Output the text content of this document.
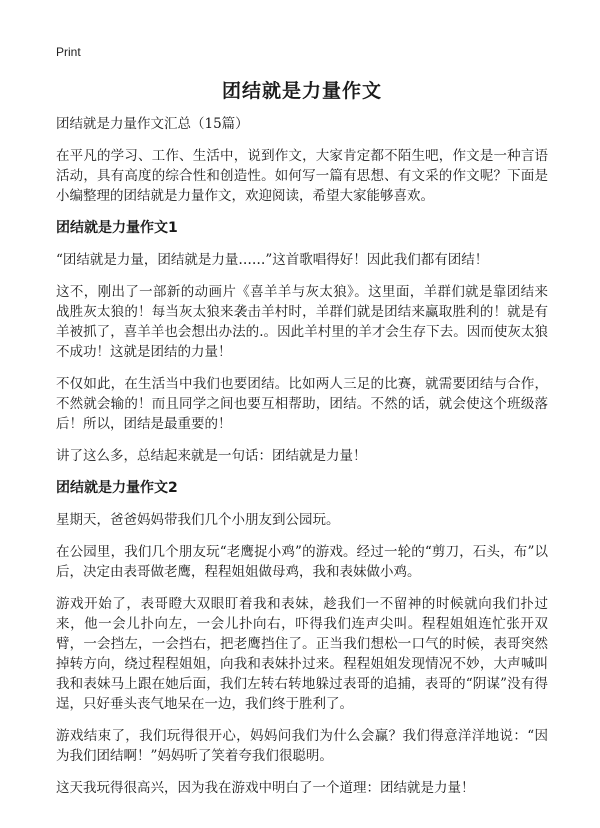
Print
团结就是力量作文
团结就是力量作文汇总（15篇）

在平凡的学习、工作、生活中，说到作文，大家肯定都不陌生吧，作文是一种言语活动，具有高度的综合性和创造性。如何写一篇有思想、有文采的作文呢？下面是小编整理的团结就是力量作文，欢迎阅读，希望大家能够喜欢。

团结就是力量作文1

“团结就是力量，团结就是力量……”这首歌唱得好！因此我们都有团结！

这不，刚出了一部新的动画片《喜羊羊与灰太狼》。这里面，羊群们就是靠团结来战胜灰太狼的！每当灰太狼来袭击羊村时，羊群们就是团结来赢取胜利的！就是有羊被抓了，喜羊羊也会想出办法的.。因此羊村里的羊才会生存下去。因而使灰太狼不成功！这就是团结的力量！

不仅如此，在生活当中我们也要团结。比如两人三足的比赛，就需要团结与合作，不然就会输的！而且同学之间也要互相帮助，团结。不然的话，就会使这个班级落后！所以，团结是最重要的！

讲了这么多，总结起来就是一句话：团结就是力量！

团结就是力量作文2

星期天，爸爸妈妈带我们几个小朋友到公园玩。

在公园里，我们几个朋友玩“老鹰捉小鸡”的游戏。经过一轮的“剪刀，石头，布”以后，决定由表哥做老鹰，程程姐姐做母鸡，我和表妹做小鸡。

游戏开始了，表哥瞪大双眼盯着我和表妹，趁我们一不留神的时候就向我们扑过来，他一会儿扑向左，一会儿扑向右，吓得我们连声尖叫。程程姐姐连忙张开双臂，一会挡左，一会挡右，把老鹰挡住了。正当我们想松一口气的时候，表哥突然掉转方向，绕过程程姐姐，向我和表妹扑过来。程程姐姐发现情况不妙，大声喊叫我和表妹马上跟在她后面，我们左转右转地躲过表哥的追捕，表哥的“阴谋”没有得逞，只好垂头丧气地呆在一边，我们终于胜利了。

游戏结束了，我们玩得很开心，妈妈问我们为什么会赢？我们得意洋洋地说：“因为我们团结啊！”妈妈听了笑着夸我们很聪明。

这天我玩得很高兴，因为我在游戏中明白了一个道理：团结就是力量！
